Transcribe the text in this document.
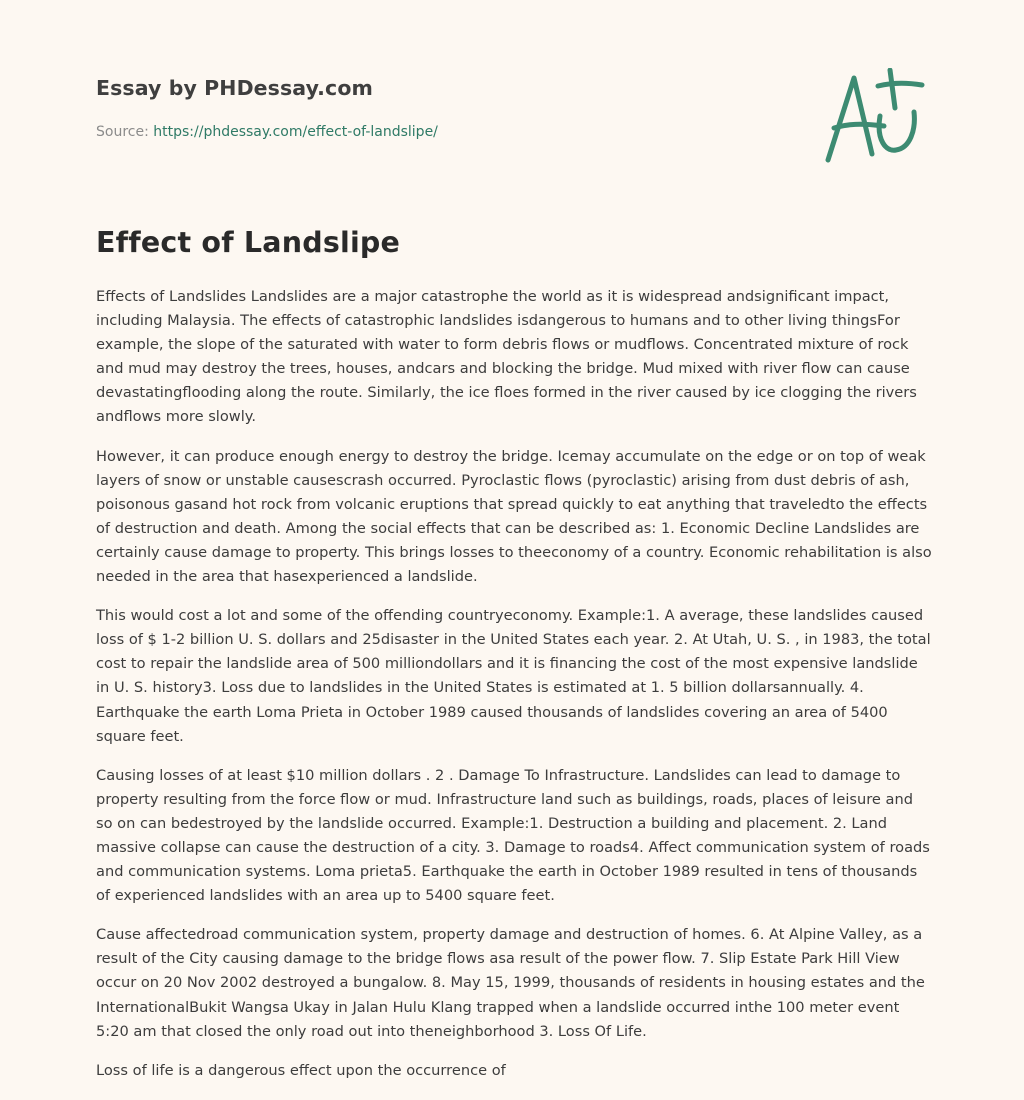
Essay by PHDessay.com
Source: https://phdessay.com/effect-of-landslipe/
Effect of Landslipe

Effects of Landslides Landslides are a major catastrophe the world as it is widespread andsignificant impact, including Malaysia. The effects of catastrophic landslides isdangerous to humans and to other living thingsFor example, the slope of the saturated with water to form debris flows or mudflows. Concentrated mixture of rock and mud may destroy the trees, houses, andcars and blocking the bridge. Mud mixed with river flow can cause devastatingflooding along the route. Similarly, the ice floes formed in the river caused by ice clogging the rivers andflows more slowly.

However, it can produce enough energy to destroy the bridge. Icemay accumulate on the edge or on top of weak layers of snow or unstable causescrash occurred. Pyroclastic flows (pyroclastic) arising from dust debris of ash, poisonous gasand hot rock from volcanic eruptions that spread quickly to eat anything that traveledto the effects of destruction and death. Among the social effects that can be described as: 1. Economic Decline Landslides are certainly cause damage to property. This brings losses to theeconomy of a country. Economic rehabilitation is also needed in the area that hasexperienced a landslide.

This would cost a lot and some of the offending countryeconomy. Example:1. A average, these landslides caused loss of $ 1-2 billion U. S. dollars and 25disaster in the United States each year. 2. At Utah, U. S. , in 1983, the total cost to repair the landslide area of 500 milliondollars and it is financing the cost of the most expensive landslide in U. S. history3. Loss due to landslides in the United States is estimated at 1. 5 billion dollarsannually. 4. Earthquake the earth Loma Prieta in October 1989 caused thousands of landslides covering an area of 5400 square feet.

Causing losses of at least $10 million dollars . 2 . Damage To Infrastructure. Landslides can lead to damage to property resulting from the force flow or mud. Infrastructure land such as buildings, roads, places of leisure and so on can bedestroyed by the landslide occurred. Example:1. Destruction a building and placement. 2. Land massive collapse can cause the destruction of a city. 3. Damage to roads4. Affect communication system of roads and communication systems. Loma prieta5. Earthquake the earth in October 1989 resulted in tens of thousands of experienced landslides with an area up to 5400 square feet.

Cause affectedroad communication system, property damage and destruction of homes. 6. At Alpine Valley, as a result of the City causing damage to the bridge flows asa result of the power flow. 7. Slip Estate Park Hill View occur on 20 Nov 2002 destroyed a bungalow. 8. May 15, 1999, thousands of residents in housing estates and the InternationalBukit Wangsa Ukay in Jalan Hulu Klang trapped when a landslide occurred inthe 100 meter event 5:20 am that closed the only road out into theneighborhood 3. Loss Of Life.

Loss of life is a dangerous effect upon the occurrence of
